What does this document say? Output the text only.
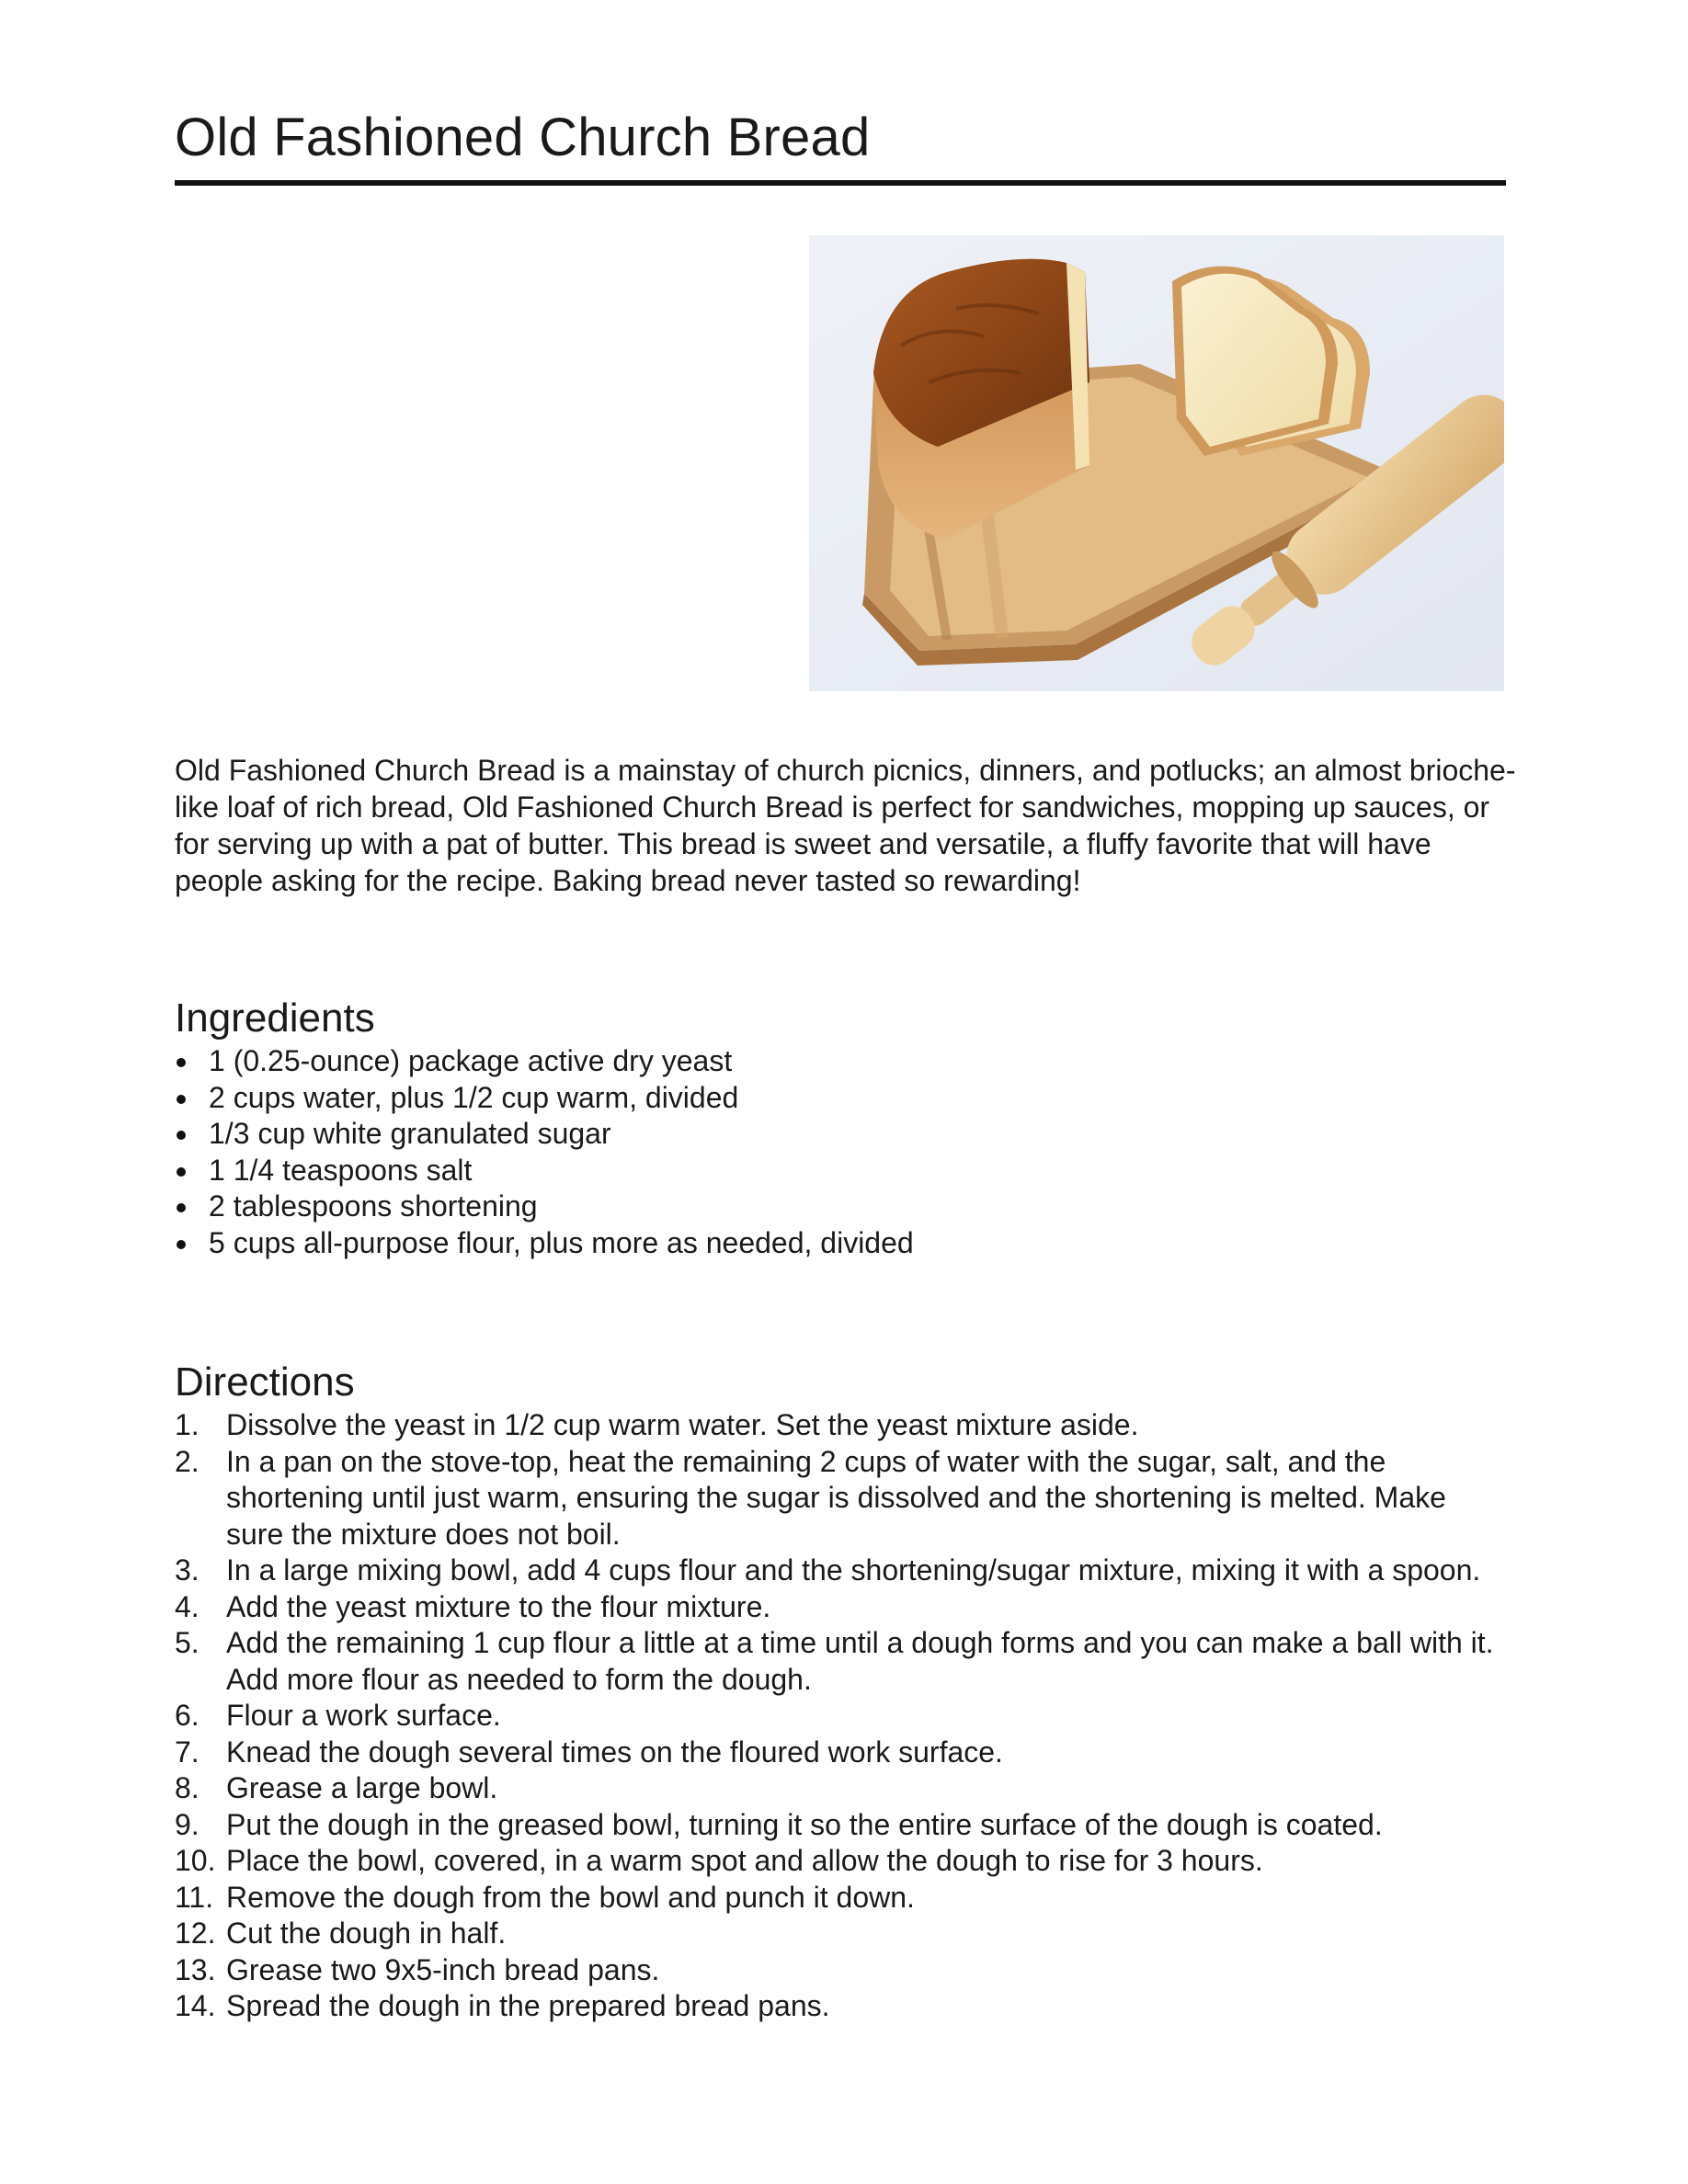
Old Fashioned Church Bread

Old Fashioned Church Bread is a mainstay of church picnics, dinners, and potlucks; an almost brioche-like loaf of rich bread, Old Fashioned Church Bread is perfect for sandwiches, mopping up sauces, or for serving up with a pat of butter. This bread is sweet and versatile, a fluffy favorite that will have people asking for the recipe. Baking bread never tasted so rewarding!

Ingredients
1 (0.25-ounce) package active dry yeast
2 cups water, plus 1/2 cup warm, divided
1/3 cup white granulated sugar
1 1/4 teaspoons salt
2 tablespoons shortening
5 cups all-purpose flour, plus more as needed, divided
Directions
1. Dissolve the yeast in 1/2 cup warm water. Set the yeast mixture aside.
2. In a pan on the stove-top, heat the remaining 2 cups of water with the sugar, salt, and the shortening until just warm, ensuring the sugar is dissolved and the shortening is melted. Make sure the mixture does not boil.
3. In a large mixing bowl, add 4 cups flour and the shortening/sugar mixture, mixing it with a spoon.
4. Add the yeast mixture to the flour mixture.
5. Add the remaining 1 cup flour a little at a time until a dough forms and you can make a ball with it. Add more flour as needed to form the dough.
6. Flour a work surface.
7. Knead the dough several times on the floured work surface.
8. Grease a large bowl.
9. Put the dough in the greased bowl, turning it so the entire surface of the dough is coated.
10. Place the bowl, covered, in a warm spot and allow the dough to rise for 3 hours.
11. Remove the dough from the bowl and punch it down.
12. Cut the dough in half.
13. Grease two 9x5-inch bread pans.
14. Spread the dough in the prepared bread pans.
